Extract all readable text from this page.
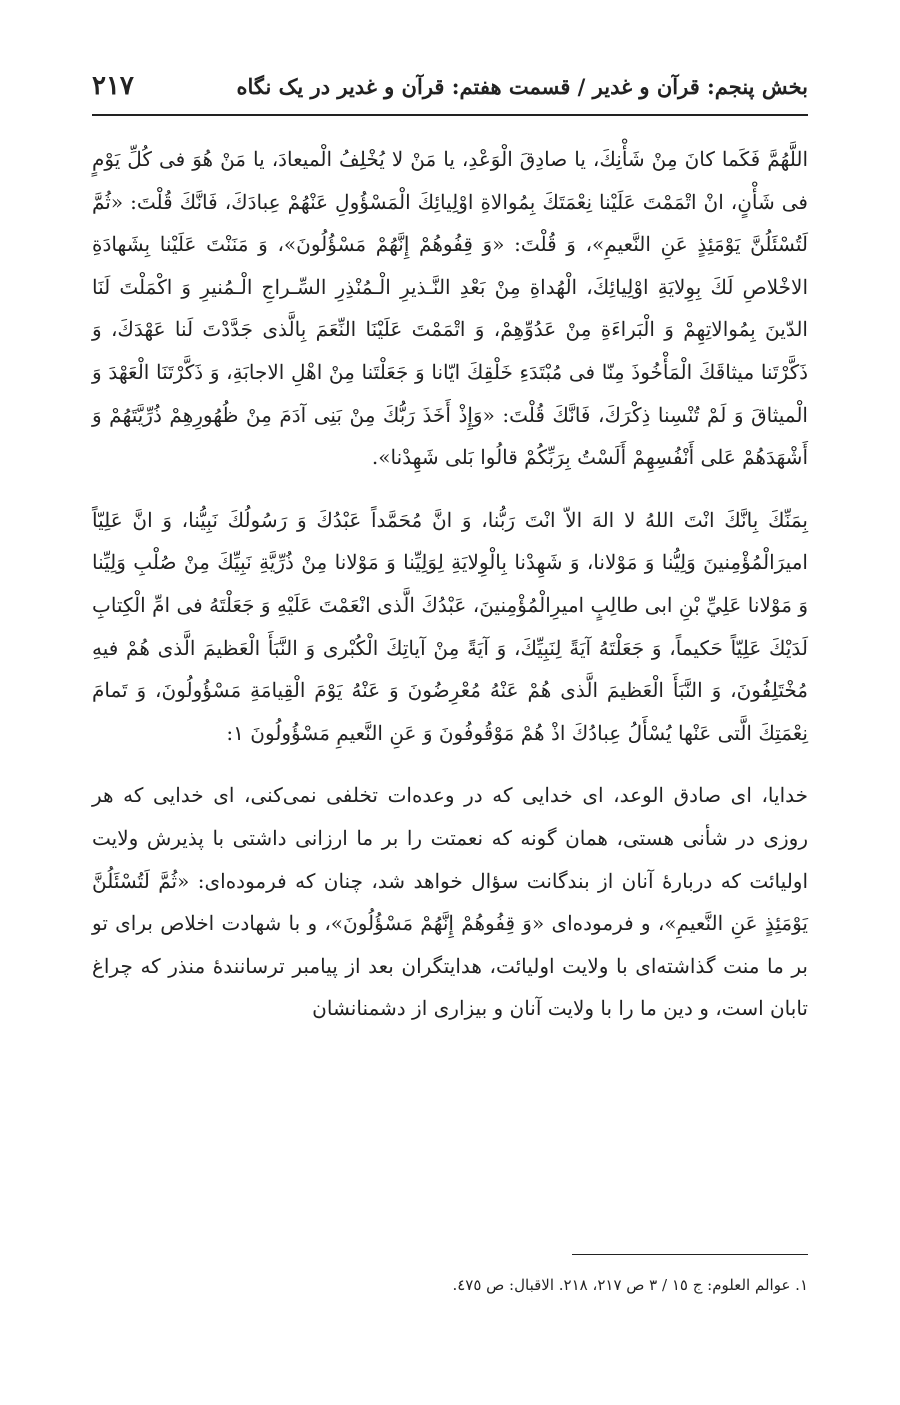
بخش پنجم: قرآن و غدیر / قسمت هفتم: قرآن و غدیر در یک نگاه
۲۱۷

اللَّهُمَّ فَكَما كانَ مِنْ شَأْنِكَ، يا صادِقَ الْوَعْدِ، يا مَنْ لا يُخْلِفُ الْميعادَ، يا مَنْ هُوَ فى كُلِّ يَوْمٍ فى شَأْنٍ، انْ اتْمَمْتَ عَلَيْنا نِعْمَتَكَ بِمُوالاةِ اوْلِيائِكَ الْمَسْؤُولِ عَنْهُمْ عِبادَكَ، فَانَّكَ قُلْتَ: «ثُمَّ لَتُسْئَلُنَّ يَوْمَئِذٍ عَنِ النَّعيمِ»، وَ قُلْتَ: «وَ قِفُوهُمْ إِنَّهُمْ مَسْؤُلُونَ»، وَ مَنَنْتَ عَلَيْنا بِشَهادَةِ الاخْلاصِ لَكَ بِوِلايَةِ اوْلِيائِكَ، الْهُداةِ مِنْ بَعْدِ النَّـذيرِ الْـمُنْذِرِ السِّـراجِ الْـمُنيرِ وَ اكْمَلْتَ لَنَا الدّينَ بِمُوالاتِهِمْ وَ الْبَراءَةِ مِنْ عَدُوِّهِمْ، وَ اتْمَمْتَ عَلَيْنَا النِّعَمَ بِالَّذى جَدَّدْتَ لَنا عَهْدَكَ، وَ ذَكَّرْتَنا ميثاقَكَ الْمَأْخُوذَ مِنّا فى مُبْتَدَءِ خَلْقِكَ ايّانا وَ جَعَلْتَنا مِنْ اهْلِ الاجابَةِ، وَ ذَكَّرْتَنَا الْعَهْدَ وَ الْميثاقَ وَ لَمْ تُنْسِنا ذِكْرَكَ، فَانَّكَ قُلْتَ: «وَإِذْ أَخَذَ رَبُّكَ مِنْ بَنِى آدَمَ مِنْ ظُهُورِهِمْ ذُرِّيَّتَهُمْ وَ أَشْهَدَهُمْ عَلى أَنْفُسِهِمْ أَلَسْتُ بِرَبِّكُمْ قالُوا بَلى شَهِدْنا».

بِمَنِّكَ بِانَّكَ انْتَ اللهُ لا الهَ الاّ انْتَ رَبُّنا، وَ انَّ مُحَمَّداً عَبْدُكَ وَ رَسُولُكَ نَبِيُّنا، وَ انَّ عَلِيّاً اميرَالْمُؤْمِنينَ وَلِيُّنا وَ مَوْلانا، وَ شَهِدْنا بِالْوِلايَةِ لِوَلِيِّنا وَ مَوْلانا مِنْ ذُرِّيَّةِ نَبِيِّكَ مِنْ صُلْبِ وَلِيِّنا وَ مَوْلانا عَلِيِّ بْنِ ابى طالِبٍ اميرِالْمُؤْمِنينَ، عَبْدُكَ الَّذى انْعَمْتَ عَلَيْهِ وَ جَعَلْتَهُ فى امِّ الْكِتابِ لَدَيْكَ عَلِيّاً حَكيماً، وَ جَعَلْتَهُ آيَةً لِنَبِيِّكَ، وَ آيَةً مِنْ آياتِكَ الْكُبْرى وَ النَّبَأَ الْعَظيمَ الَّذى هُمْ فيهِ مُخْتَلِفُونَ، وَ النَّبَأَ الْعَظيمَ الَّذى هُمْ عَنْهُ مُعْرِضُونَ وَ عَنْهُ يَوْمَ الْقِيامَةِ مَسْؤُولُونَ، وَ تَمامَ نِعْمَتِكَ الَّتى عَنْها يُسْأَلُ عِبادُكَ اذْ هُمْ مَوْقُوفُونَ وَ عَنِ النَّعيمِ مَسْؤُولُونَ ١:

خدایا، ای صادق الوعد، ای خدایی که در وعده‌ات تخلفی نمی‌کنی، ای خدایی که هر روزی در شأنی هستی، همان گونه که نعمتت را بر ما ارزانی داشتی با پذیرش ولایت اولیائت که دربارهٔ آنان از بندگانت سؤال خواهد شد، چنان که فرموده‌ای: «ثُمَّ لَتُسْئَلُنَّ يَوْمَئِذٍ عَنِ النَّعيمِ»، و فرموده‌ای «وَ قِفُوهُمْ إِنَّهُمْ مَسْؤُلُونَ»، و با شهادت اخلاص برای تو بر ما منت گذاشته‌ای با ولایت اولیائت، هدایتگران بعد از پیامبر ترسانندهٔ منذر که چراغ تابان است، و دین ما را با ولایت آنان و بیزاری از دشمنانشان

١. عوالم العلوم: ج ١٥ / ٣ ص ٢١٧، ٢١٨. الاقبال: ص ٤٧٥.
